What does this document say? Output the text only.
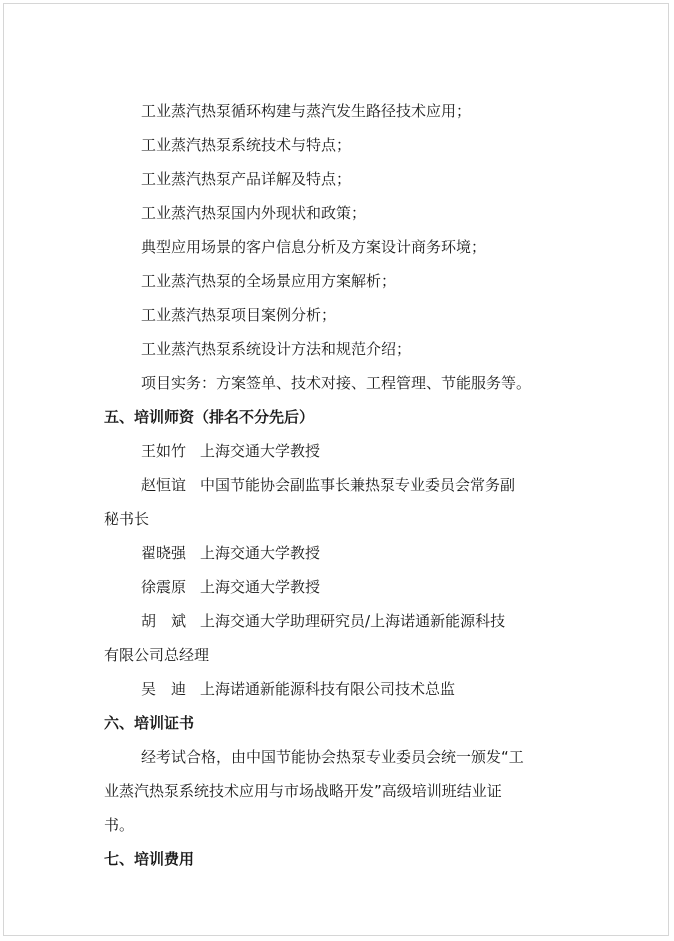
工业蒸汽热泵循环构建与蒸汽发生路径技术应用；
工业蒸汽热泵系统技术与特点；
工业蒸汽热泵产品详解及特点；
工业蒸汽热泵国内外现状和政策；
典型应用场景的客户信息分析及方案设计商务环境；
工业蒸汽热泵的全场景应用方案解析；
工业蒸汽热泵项目案例分析；
工业蒸汽热泵系统设计方法和规范介绍；
项目实务：方案签单、技术对接、工程管理、节能服务等。
五、培训师资（排名不分先后）
王如竹 上海交通大学教授
赵恒谊 中国节能协会副监事长兼热泵专业委员会常务副
秘书长
翟晓强 上海交通大学教授
徐震原 上海交通大学教授
胡　斌 上海交通大学助理研究员/上海诺通新能源科技
有限公司总经理
吴　迪 上海诺通新能源科技有限公司技术总监
六、培训证书
经考试合格，由中国节能协会热泵专业委员会统一颁发“工
业蒸汽热泵系统技术应用与市场战略开发”高级培训班结业证
书。
七、培训费用
